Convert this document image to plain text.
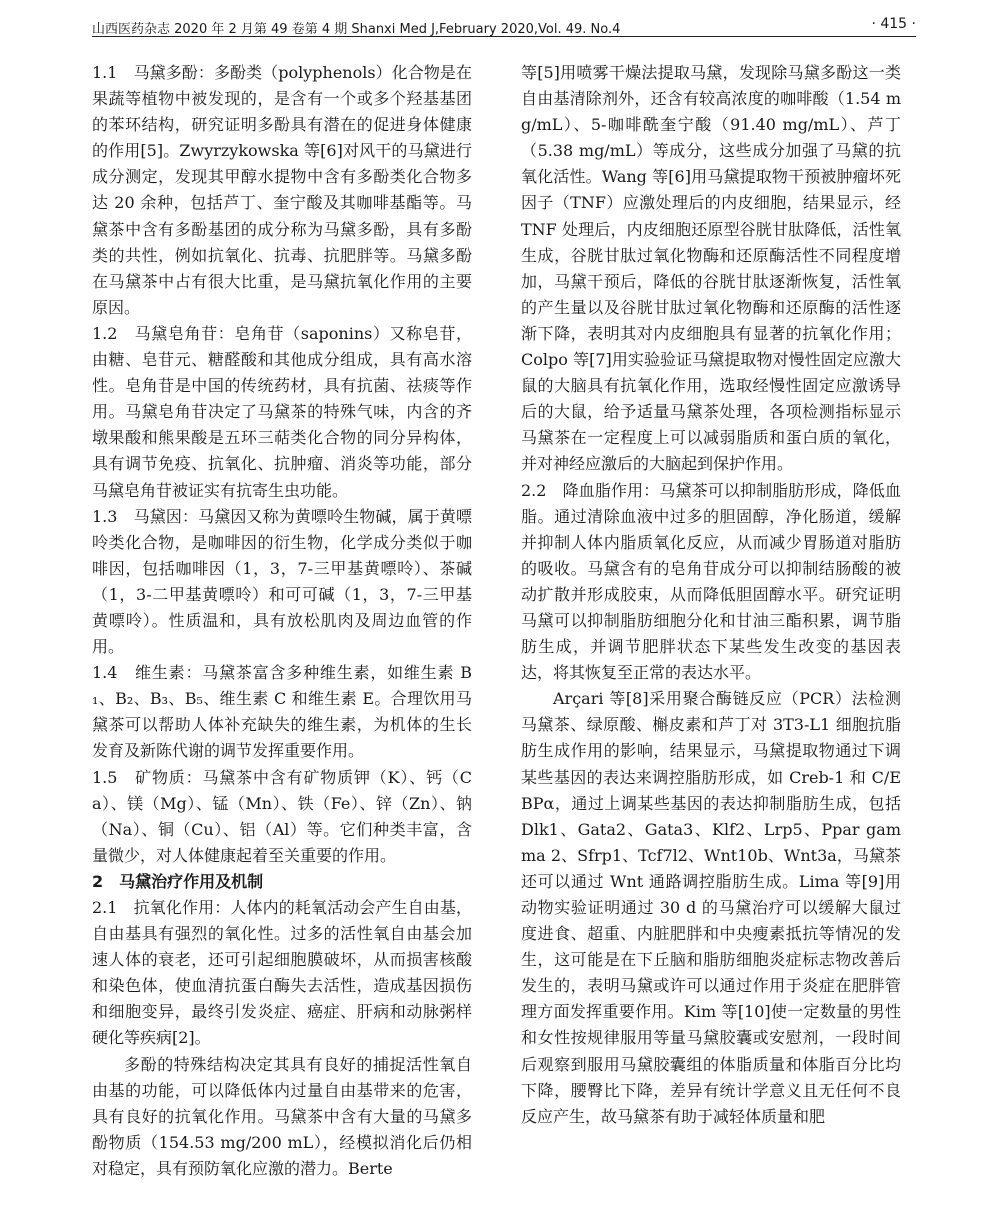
山西医药杂志 2020 年 2 月第 49 卷第 4 期 Shanxi Med J,February 2020,Vol. 49. No.4	· 415 ·

1.1　马黛多酚：多酚类（polyphenols）化合物是在果蔬等植物中被发现的，是含有一个或多个羟基基团的苯环结构，研究证明多酚具有潜在的促进身体健康的作用[5]。Zwyrzykowska 等[6]对风干的马黛进行成分测定，发现其甲醇水提物中含有多酚类化合物多达 20 余种，包括芦丁、奎宁酸及其咖啡基酯等。马黛茶中含有多酚基团的成分称为马黛多酚，具有多酚类的共性，例如抗氧化、抗毒、抗肥胖等。马黛多酚在马黛茶中占有很大比重，是马黛抗氧化作用的主要原因。

1.2　马黛皂角苷：皂角苷（saponins）又称皂苷，由糖、皂苷元、糖醛酸和其他成分组成，具有高水溶性。皂角苷是中国的传统药材，具有抗菌、祛痰等作用。马黛皂角苷决定了马黛茶的特殊气味，内含的齐墩果酸和熊果酸是五环三萜类化合物的同分异构体，具有调节免疫、抗氧化、抗肿瘤、消炎等功能，部分马黛皂角苷被证实有抗寄生虫功能。

1.3　马黛因：马黛因又称为黄嘌呤生物碱，属于黄嘌呤类化合物，是咖啡因的衍生物，化学成分类似于咖啡因，包括咖啡因（1，3，7-三甲基黄嘌呤）、茶碱（1，3-二甲基黄嘌呤）和可可碱（1，3，7-三甲基黄嘌呤）。性质温和，具有放松肌肉及周边血管的作用。

1.4　维生素：马黛茶富含多种维生素，如维生素 B₁、B₂、B₃、B₅、维生素 C 和维生素 E。合理饮用马黛茶可以帮助人体补充缺失的维生素，为机体的生长发育及新陈代谢的调节发挥重要作用。

1.5　矿物质：马黛茶中含有矿物质钾（K）、钙（Ca）、镁（Mg）、锰（Mn）、铁（Fe）、锌（Zn）、钠（Na）、铜（Cu）、铝（Al）等。它们种类丰富，含量微少，对人体健康起着至关重要的作用。

2　马黛治疗作用及机制

2.1　抗氧化作用：人体内的耗氧活动会产生自由基，自由基具有强烈的氧化性。过多的活性氧自由基会加速人体的衰老，还可引起细胞膜破坏，从而损害核酸和染色体，使血清抗蛋白酶失去活性，造成基因损伤和细胞变异，最终引发炎症、癌症、肝病和动脉粥样硬化等疾病[2]。

多酚的特殊结构决定其具有良好的捕捉活性氧自由基的功能，可以降低体内过量自由基带来的危害，具有良好的抗氧化作用。马黛茶中含有大量的马黛多酚物质（154.53 mg/200 mL），经模拟消化后仍相对稳定，具有预防氧化应激的潜力。Berte

等[5]用喷雾干燥法提取马黛，发现除马黛多酚这一类自由基清除剂外，还含有较高浓度的咖啡酸（1.54 mg/mL）、5-咖啡酰奎宁酸（91.40 mg/mL）、芦丁（5.38 mg/mL）等成分，这些成分加强了马黛的抗氧化活性。Wang 等[6]用马黛提取物干预被肿瘤坏死因子（TNF）应激处理后的内皮细胞，结果显示，经 TNF 处理后，内皮细胞还原型谷胱甘肽降低，活性氧生成，谷胱甘肽过氧化物酶和还原酶活性不同程度增加，马黛干预后，降低的谷胱甘肽逐渐恢复，活性氧的产生量以及谷胱甘肽过氧化物酶和还原酶的活性逐渐下降，表明其对内皮细胞具有显著的抗氧化作用；Colpo 等[7]用实验验证马黛提取物对慢性固定应激大鼠的大脑具有抗氧化作用，选取经慢性固定应激诱导后的大鼠，给予适量马黛茶处理，各项检测指标显示马黛茶在一定程度上可以减弱脂质和蛋白质的氧化，并对神经应激后的大脑起到保护作用。

2.2　降血脂作用：马黛茶可以抑制脂肪形成，降低血脂。通过清除血液中过多的胆固醇，净化肠道，缓解并抑制人体内脂质氧化反应，从而减少胃肠道对脂肪的吸收。马黛含有的皂角苷成分可以抑制结肠酸的被动扩散并形成胶束，从而降低胆固醇水平。研究证明马黛可以抑制脂肪细胞分化和甘油三酯积累，调节脂肪生成，并调节肥胖状态下某些发生改变的基因表达，将其恢复至正常的表达水平。

Arçari 等[8]采用聚合酶链反应（PCR）法检测马黛茶、绿原酸、槲皮素和芦丁对 3T3-L1 细胞抗脂肪生成作用的影响，结果显示，马黛提取物通过下调某些基因的表达来调控脂肪形成，如 Creb-1 和 C/EBPα，通过上调某些基因的表达抑制脂肪生成，包括 Dlk1、Gata2、Gata3、Klf2、Lrp5、Ppar gamma 2、Sfrp1、Tcf7l2、Wnt10b、Wnt3a，马黛茶还可以通过 Wnt 通路调控脂肪生成。Lima 等[9]用动物实验证明通过 30 d 的马黛治疗可以缓解大鼠过度进食、超重、内脏肥胖和中央瘦素抵抗等情况的发生，这可能是在下丘脑和脂肪细胞炎症标志物改善后发生的，表明马黛或许可以通过作用于炎症在肥胖管理方面发挥重要作用。Kim 等[10]使一定数量的男性和女性按规律服用等量马黛胶囊或安慰剂，一段时间后观察到服用马黛胶囊组的体脂质量和体脂百分比均下降，腰臀比下降，差异有统计学意义且无任何不良反应产生，故马黛茶有助于减轻体质量和肥
